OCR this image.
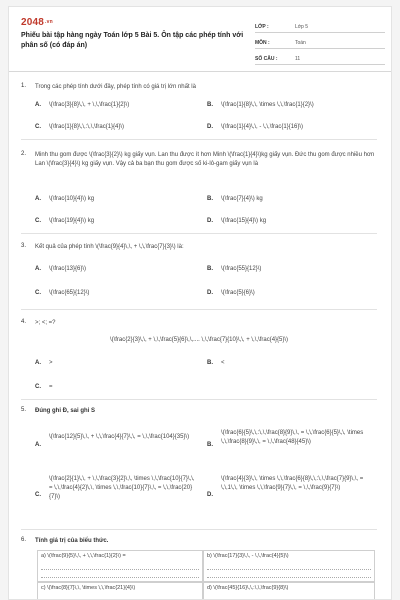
2048.vn
Phiếu bài tập hàng ngày Toán lớp 5 Bài 5. Ôn tập các phép tính với phân số (có đáp án)
LỚP :	Lớp 5
MÔN :	Toán
SỐ CÂU :	11
1. Trong các phép tính dưới đây, phép tính có giá trị lớn nhất là
A. \(\frac{3}{8}\,\, + \,\,\frac{1}{2}\)	B. \(\frac{1}{8}\,\, \times \,\,\frac{1}{2}\)
C. \(\frac{1}{8}\,\,:\,\,\frac{1}{4}\)	D. \(\frac{1}{4}\,\, - \,\,\frac{1}{16}\)
2. Minh thu gom được \(\frac{3}{2}\) kg giấy vụn. Lan thu được ít hơn Minh \(\frac{1}{4}\)kg giấy vụn. Đức thu gom được nhiều hơn Lan \(\frac{3}{4}\) kg giấy vụn. Vậy cả ba bạn thu gom được số ki-lô-gam giấy vụn là
A. \(\frac{10}{4}\) kg	B. \(\frac{7}{4}\) kg
C. \(\frac{19}{4}\) kg	D. \(\frac{15}{4}\) kg
3. Kết quả của phép tính \(\frac{9}{4}\,\, + \,\,\frac{7}{3}\) là:
A. \(\frac{13}{6}\)	B. \(\frac{55}{12}\)
C. \(\frac{65}{12}\)	D. \(\frac{5}{6}\)
4. >; <; =?
\(\frac{2}{3}\,\, + \,\,\frac{5}{6}\,\,.... \,\,\frac{7}{10}\,\, + \,\,\frac{4}{5}\)
A. >	B. <
C. =
5. Đúng ghi Đ, sai ghi S
A.
\(\frac{12}{5}\,\, + \,\,\frac{4}{7}\,\, = \,\,\frac{104}{35}\)
B.
\(\frac{6}{5}\,\,:\,\,\frac{8}{9}\,\, = \,\,\frac{6}{5}\,\, \times \,\,\frac{8}{9}\,\, = \,\,\frac{48}{45}\)
C.
\(\frac{2}{1}\,\, + \,\,\frac{3}{2}\,\, \times \,\,\frac{10}{7}\,\, = \,\,\frac{4}{2}\,\, \times \,\,\frac{10}{7}\,\, = \,\,\frac{20}{7}\)	D.
\(\frac{4}{3}\,\, \times \,\,\frac{6}{8}\,\,:\,\,\frac{7}{9}\,\, = \,\,1\,\, \times \,\,\frac{9}{7}\,\, = \,\,\frac{9}{7}\)
6. Tính giá trị của biểu thức.
a) \(\frac{9}{5}\,\, + \,\,\frac{1}{2}\) =	b) \(\frac{17}{3}\,\, - \,\,\frac{4}{5}\)
c) \(\frac{8}{7}\,\, \times \,\,\frac{21}{4}\)	d) \(\frac{45}{16}\,\,:\,\,\frac{9}{8}\)
